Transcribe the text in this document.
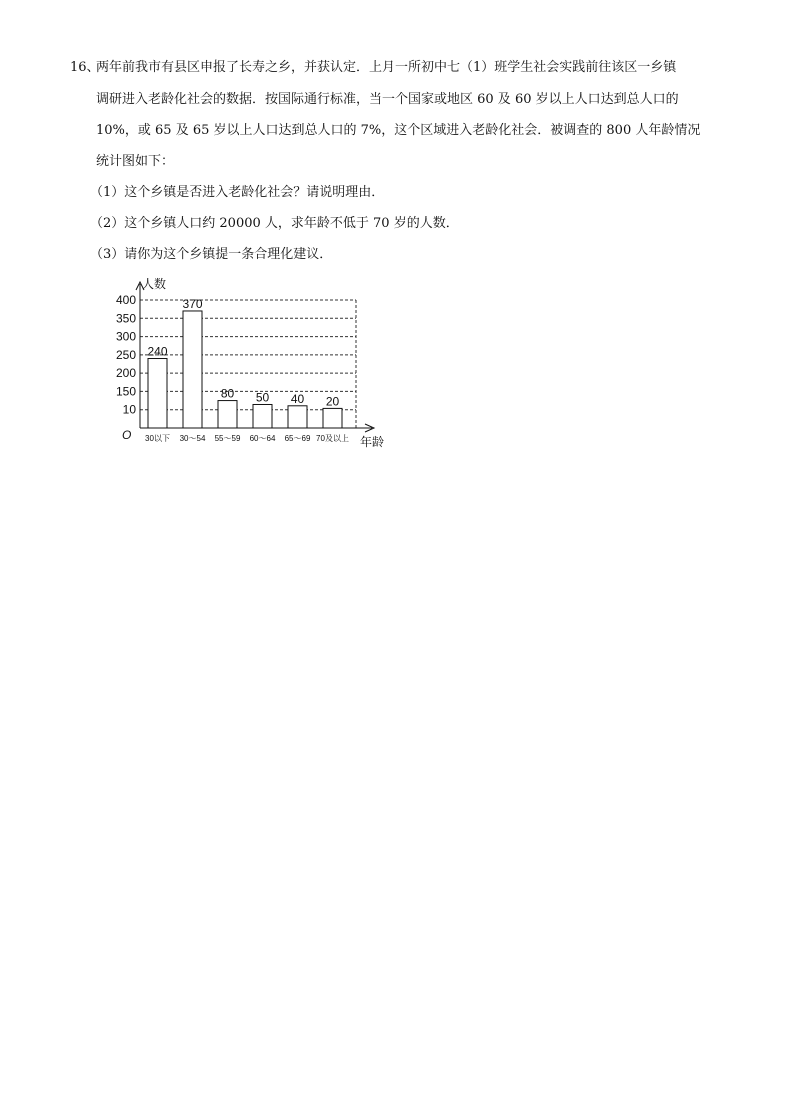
16、
两年前我市有县区申报了长寿之乡，并获认定．上月一所初中七（1）班学生社会实践前往该区一乡镇
调研进入老龄化社会的数据．按国际通行标准，当一个国家或地区 60 及 60 岁以上人口达到总人口的
10%，或 65 及 65 岁以上人口达到总人口的 7%，这个区域进入老龄化社会．被调查的 800 人年龄情况
统计图如下：
（1）这个乡镇是否进入老龄化社会？请说明理由．
（2）这个乡镇人口约 20000 人，求年龄不低于 70 岁的人数．
（3）请你为这个乡镇提一条合理化建议．
400
350
300
250
200
150
10
30以下 30～54 55～59 60～64 65～69 70及以上
240
370
80 50 40 20
人数
年龄
O
